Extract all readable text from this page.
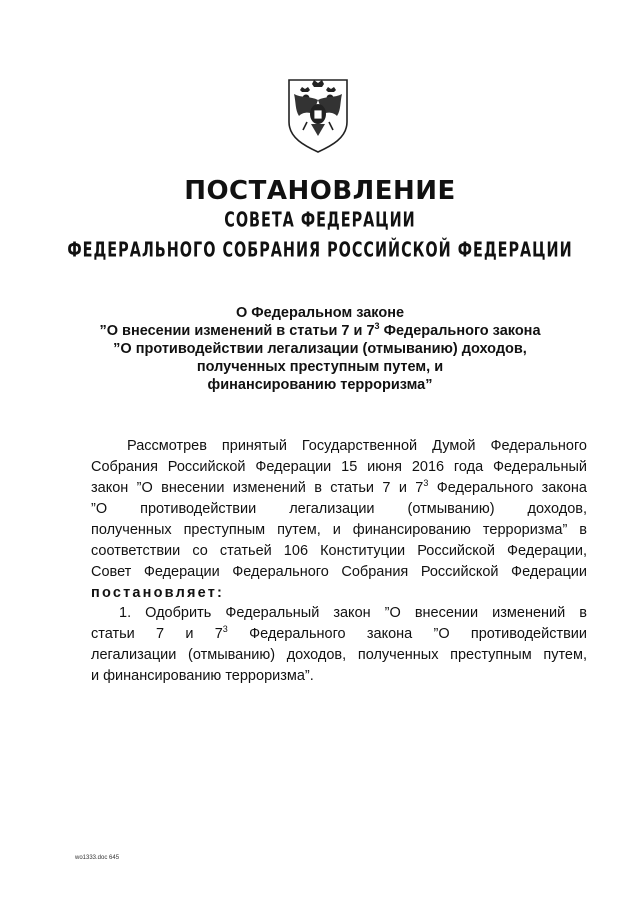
ПОСТАНОВЛЕНИЕ
СОВЕТА ФЕДЕРАЦИИ
ФЕДЕРАЛЬНОГО СОБРАНИЯ РОССИЙСКОЙ ФЕДЕРАЦИИ
О Федеральном законе
”О внесении изменений в статьи 7 и $7^3$ Федерального закона
”О противодействии легализации (отмыванию) доходов,
полученных преступным путем, и
финансированию терроризма”
Рассмотрев принятый Государственной Думой Федерального
Собрания Российской Федерации 15 июня 2016 года Федеральный
закон ”О внесении изменений в статьи 7 и $7^3$ Федерального закона
”О противодействии легализации (отмыванию) доходов,
полученных преступным путем, и финансированию терроризма” в
соответствии со статьей 106 Конституции Российской Федерации,
Совет Федерации Федерального Собрания Российской Федерации
постановляет:
1. Одобрить Федеральный закон ”О внесении изменений в
статьи 7 и $7^3$ Федерального закона ”О противодействии
легализации (отмыванию) доходов, полученных преступным путем,
и финансированию терроризма”.
wo1333.doc 645
